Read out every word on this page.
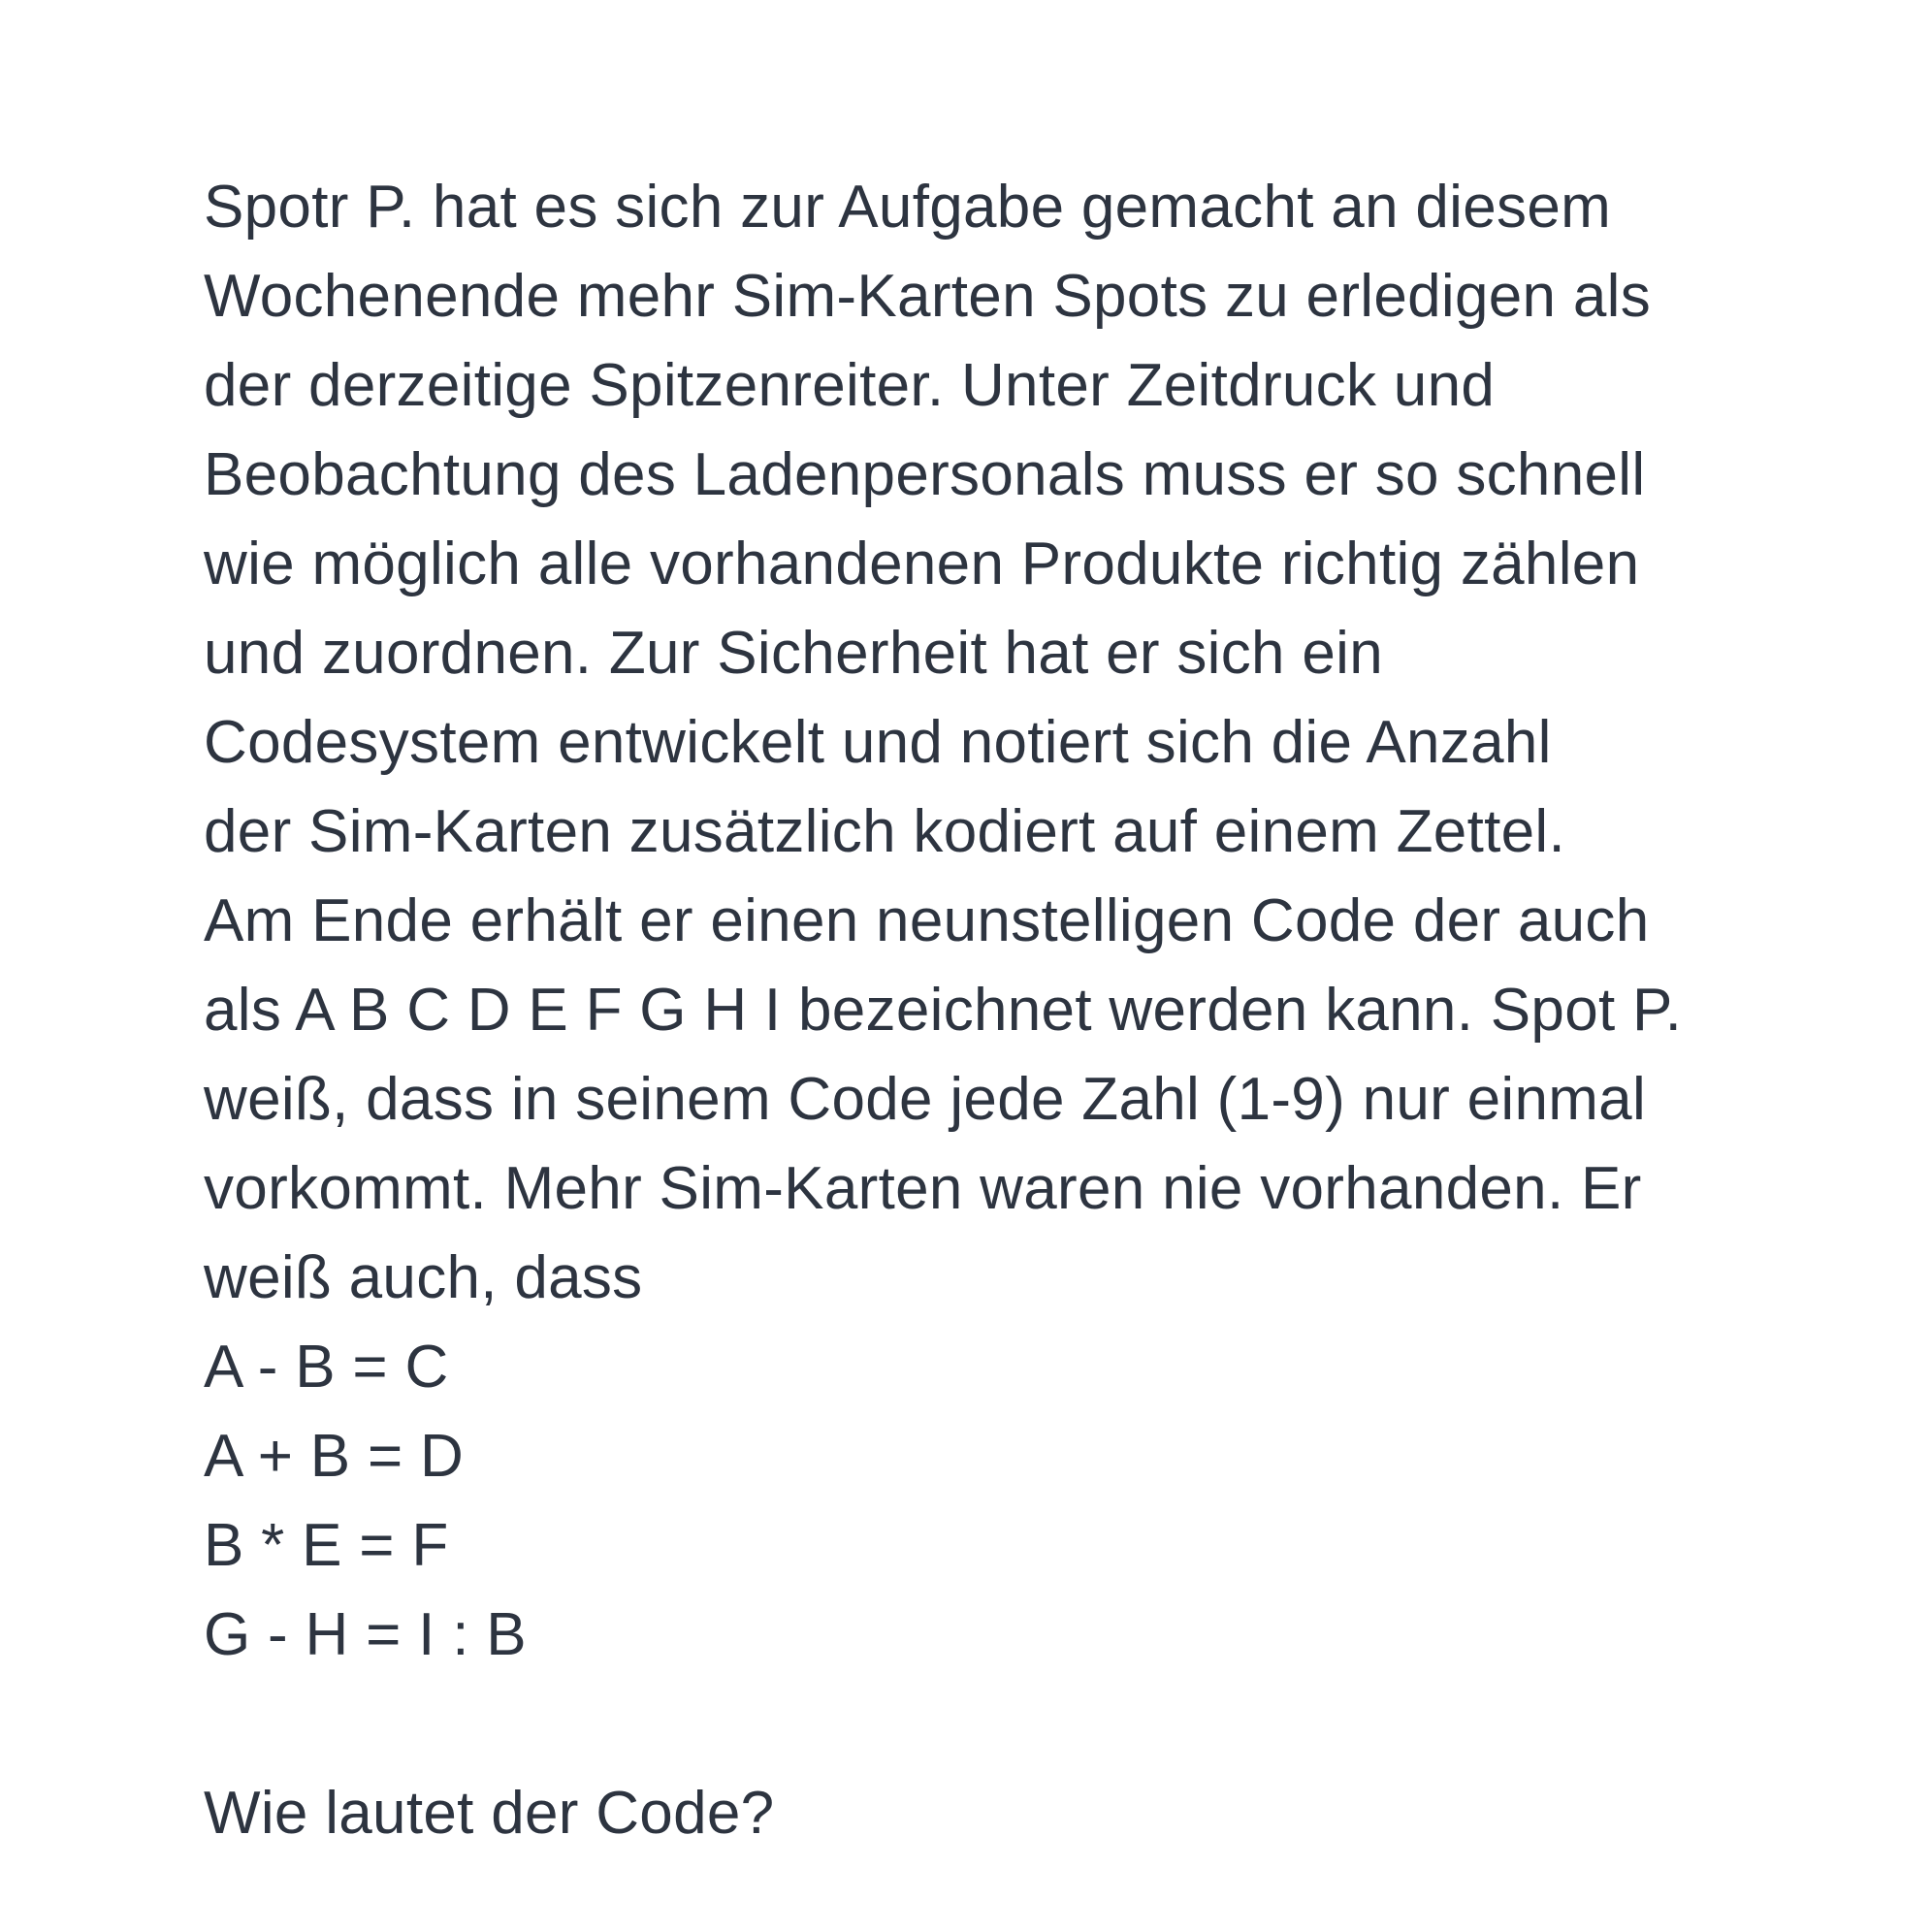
Spotr P. hat es sich zur Aufgabe gemacht an diesem
Wochenende mehr Sim-Karten Spots zu erledigen als
der derzeitige Spitzenreiter. Unter Zeitdruck und
Beobachtung des Ladenpersonals muss er so schnell
wie möglich alle vorhandenen Produkte richtig zählen
und zuordnen. Zur Sicherheit hat er sich ein
Codesystem entwickelt und notiert sich die Anzahl
der Sim-Karten zusätzlich kodiert auf einem Zettel.
Am Ende erhält er einen neunstelligen Code der auch
als A B C D E F G H I bezeichnet werden kann. Spot P.
weiß, dass in seinem Code jede Zahl (1-9) nur einmal
vorkommt. Mehr Sim-Karten waren nie vorhanden. Er
weiß auch, dass
A - B = C
A + B = D
B * E = F
G - H = I : B
Wie lautet der Code?
